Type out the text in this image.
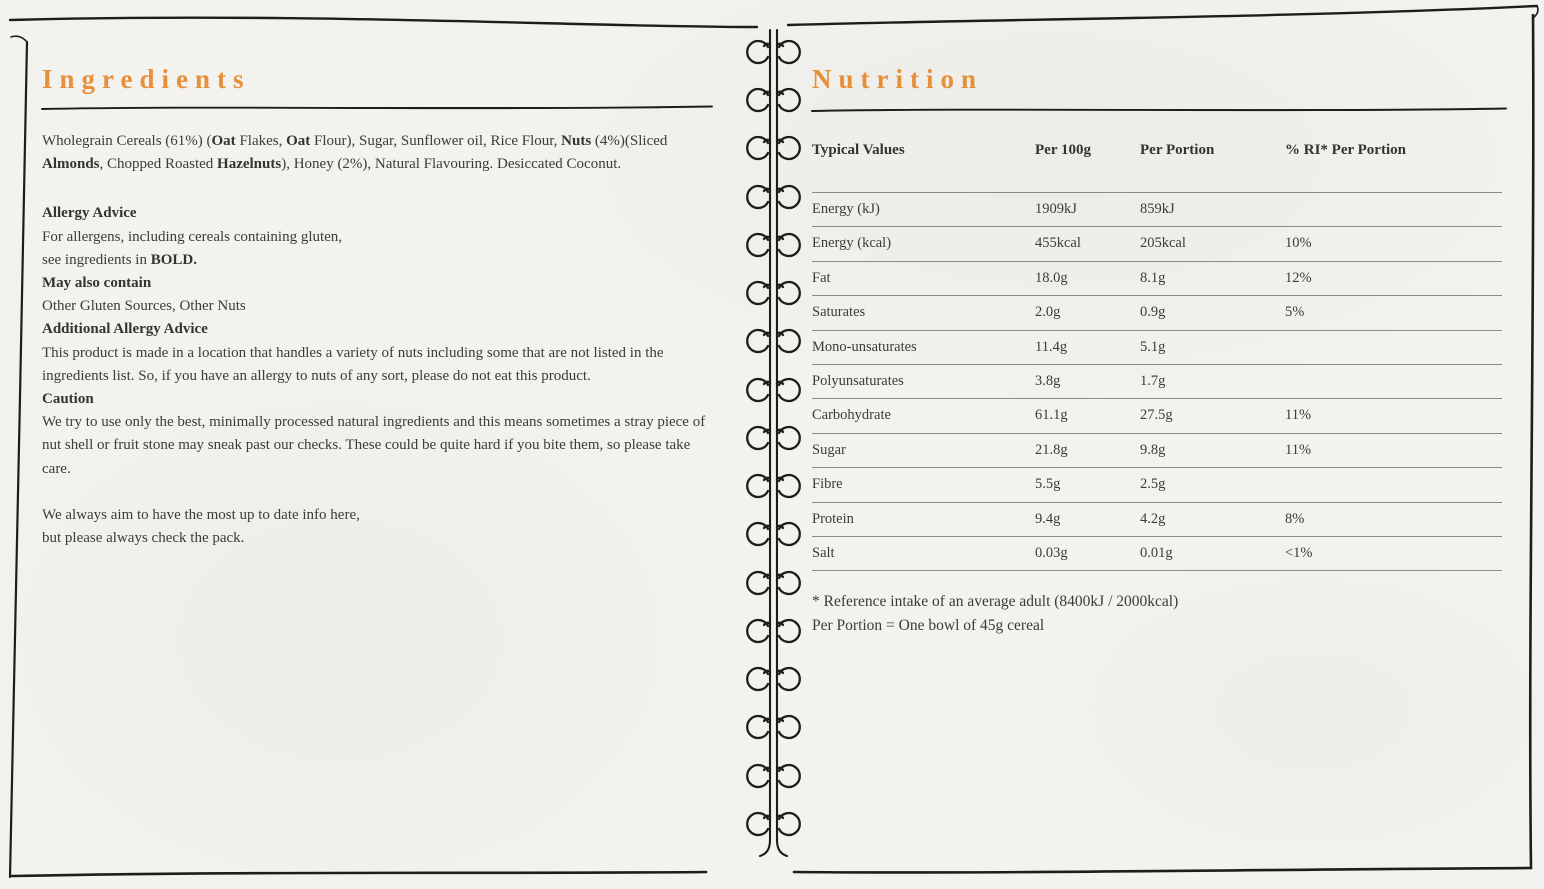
Ingredients

Wholegrain Cereals (61%) (Oat Flakes, Oat Flour), Sugar, Sunflower oil, Rice Flour, Nuts (4%)(Sliced Almonds, Chopped Roasted Hazelnuts), Honey (2%), Natural Flavouring. Desiccated Coconut.

Allergy Advice
For allergens, including cereals containing gluten,
see ingredients in BOLD.
May also contain
Other Gluten Sources, Other Nuts
Additional Allergy Advice

This product is made in a location that handles a variety of nuts including some that are not listed in the ingredients list. So, if you have an allergy to nuts of any sort, please do not eat this product.

Caution

We try to use only the best, minimally processed natural ingredients and this means sometimes a stray piece of nut shell or fruit stone may sneak past our checks. These could be quite hard if you bite them, so please take care.

We always aim to have the most up to date info here,
but please always check the pack.
Nutrition
Typical Values	Per 100g	Per Portion	% RI* Per Portion
Energy (kJ)	1909kJ	859kJ
Energy (kcal)	455kcal	205kcal	10%
Fat	18.0g	8.1g	12%
Saturates	2.0g	0.9g	5%
Mono-unsaturates	11.4g	5.1g
Polyunsaturates	3.8g	1.7g
Carbohydrate	61.1g	27.5g	11%
Sugar	21.8g	9.8g	11%
Fibre	5.5g	2.5g
Protein	9.4g	4.2g	8%
Salt	0.03g	0.01g	<1%
* Reference intake of an average adult (8400kJ / 2000kcal)
Per Portion = One bowl of 45g cereal
